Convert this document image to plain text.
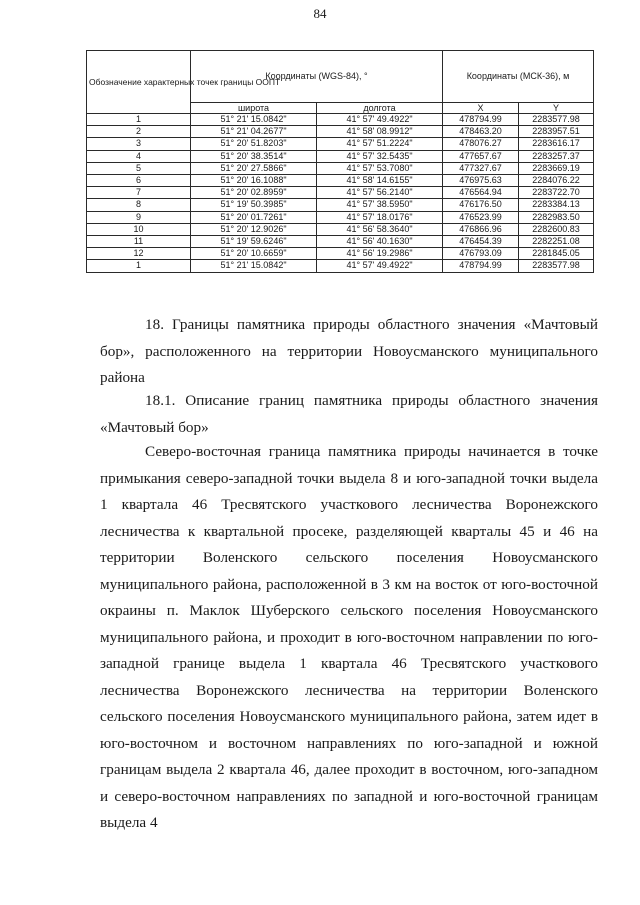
84
Обозначение характерных точек границы ООПТ	Координаты (WGS-84), °		Координаты (МСК-36), м	
	широта	долгота	X	Y
1	51° 21' 15.0842"	41° 57' 49.4922"	478794.99	2283577.98
2	51° 21' 04.2677"	41° 58' 08.9912"	478463.20	2283957.51
3	51° 20' 51.8203"	41° 57' 51.2224"	478076.27	2283616.17
4	51° 20' 38.3514"	41° 57' 32.5435"	477657.67	2283257.37
5	51° 20' 27.5866"	41° 57' 53.7080"	477327.67	2283669.19
6	51° 20' 16.1088"	41° 58' 14.6155"	476975.63	2284076.22
7	51° 20' 02.8959"	41° 57' 56.2140"	476564.94	2283722.70
8	51° 19' 50.3985"	41° 57' 38.5950"	476176.50	2283384.13
9	51° 20' 01.7261"	41° 57' 18.0176"	476523.99	2282983.50
10	51° 20' 12.9026"	41° 56' 58.3640"	476866.96	2282600.83
11	51° 19' 59.6246"	41° 56' 40.1630"	476454.39	2282251.08
12	51° 20' 10.6659"	41° 56' 19.2986"	476793.09	2281845.05
1	51° 21' 15.0842"	41° 57' 49.4922"	478794.99	2283577.98

18. Границы памятника природы областного значения «Мачтовый бор», расположенного на территории Новоусманского муниципального района

18.1. Описание границ памятника природы областного значения «Мачтовый бор»

Северо-восточная граница памятника природы начинается в точке примыкания северо-западной точки выдела 8 и юго-западной точки выдела 1 квартала 46 Тресвятского участкового лесничества Воронежского лесничества к квартальной просеке, разделяющей кварталы 45 и 46 на территории Воленского сельского поселения Новоусманского муниципального района, расположенной в 3 км на восток от юго-восточной окраины п. Маклок Шуберского сельского поселения Новоусманского муниципального района, и проходит в юго-восточном направлении по юго-западной границе выдела 1 квартала 46 Тресвятского участкового лесничества Воронежского лесничества на территории Воленского сельского поселения Новоусманского муниципального района, затем идет в юго-восточном и восточном направлениях по юго-западной и южной границам выдела 2 квартала 46, далее проходит в восточном, юго-западном и северо-восточном направлениях по западной и юго-восточной границам выдела 4
